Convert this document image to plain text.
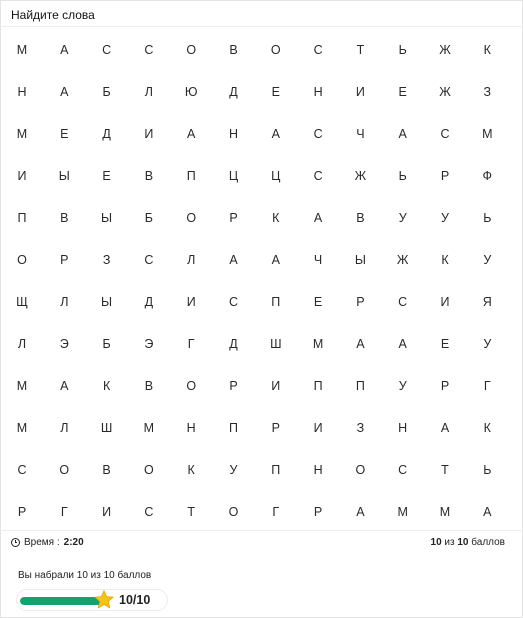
Найдите слова
М	А	С	С	О	В	О	С	Т	Ь	Ж	К
Н	А	Б	Л	Ю	Д	Е	Н	И	Е	Ж	З
М	Е	Д	И	А	Н	А	С	Ч	А	С	М
И	Ы	Е	В	П	Ц	Ц	С	Ж	Ь	Р	Ф
П	В	Ы	Б	О	Р	К	А	В	У	У	Ь
О	Р	З	С	Л	А	А	Ч	Ы	Ж	К	У
Щ	Л	Ы	Д	И	С	П	Е	Р	С	И	Я
Л	Э	Б	Э	Г	Д	Ш	М	А	А	Е	У
М	А	К	В	О	Р	И	П	П	У	Р	Г
М	Л	Ш	М	Н	П	Р	И	З	Н	А	К
С	О	В	О	К	У	П	Н	О	С	Т	Ь
Р	Г	И	С	Т	О	Г	Р	А	М	М	А
Время : 2:20	10 из 10 баллов
Вы набрали 10 из 10 баллов
10/10
